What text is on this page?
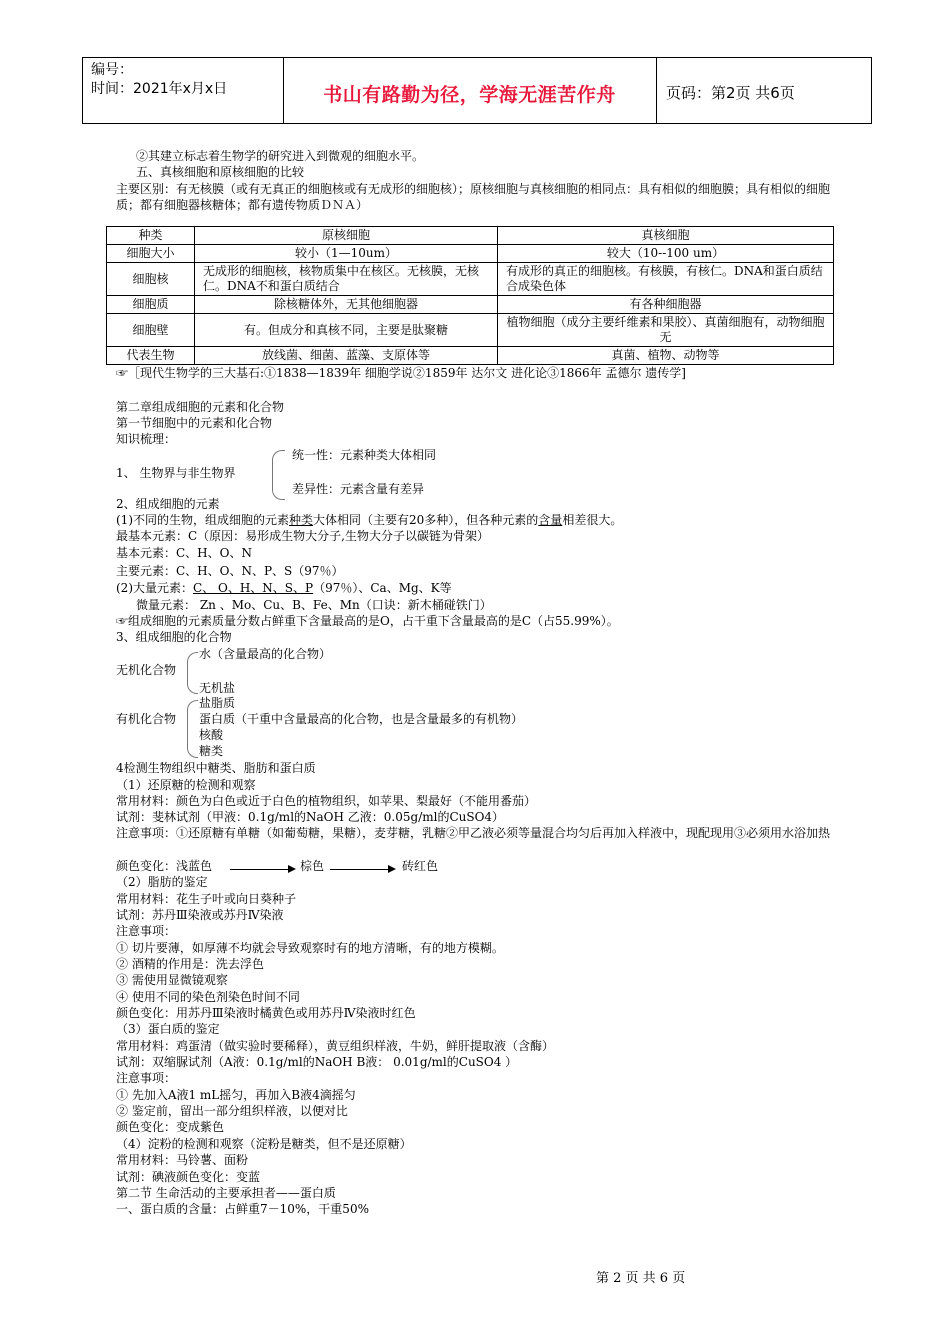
编号：
时间：2021年x月x日	书山有路勤为径，学海无涯苦作舟	页码：第2页 共6页
②其建立标志着生物学的研究进入到微观的细胞水平。
五、真核细胞和原核细胞的比较
主要区别：有无核膜（或有无真正的细胞核或有无成形的细胞核）；原核细胞与真核细胞的相同点：具有相似的细胞膜；具有相似的细胞质；都有细胞器核糖体；都有遗传物质ＤＮＡ）
种类	原核细胞	真核细胞
细胞大小	较小（1—10um）	较大（10--100 um）
细胞核	无成形的细胞核，核物质集中在核区。无核膜，无核仁。DNA不和蛋白质结合	有成形的真正的细胞核。有核膜，有核仁。DNA和蛋白质结合成染色体
细胞质	除核糖体外，无其他细胞器	有各种细胞器
细胞壁	有。但成分和真核不同，主要是肽聚糖	植物细胞（成分主要纤维素和果胶）、真菌细胞有，动物细胞无
代表生物	放线菌、细菌、蓝藻、支原体等	真菌、植物、动物等
☞［现代生物学的三大基石:①1838—1839年 细胞学说②1859年 达尔文 进化论③1866年 孟德尔 遗传学]
第二章组成细胞的元素和化合物
第一节细胞中的元素和化合物
知识梳理：
1、 生物界与非生物界
统一性：元素种类大体相同
差异性：元素含量有差异
2、组成细胞的元素
(1)不同的生物，组成细胞的元素种类大体相同（主要有20多种），但各种元素的含量相差很大。
最基本元素：C（原因：易形成生物大分子,生物大分子以碳链为骨架）
基本元素：C、H、O、N
主要元素：C、H、O、N、P、S（97％）
(2)大量元素：C、 O、H、N、S、P（97％）、Ca、Mg、K等
微量元素： Zn 、Mo、Cu、B、Fe、Mn（口诀：新木桶碰铁门）
☞组成细胞的元素质量分数占鲜重下含量最高的是O，占干重下含量最高的是C（占55.99%）。
3、组成细胞的化合物
无机化合物
水（含量最高的化合物）
无机盐
有机化合物
盐脂质
蛋白质（干重中含量最高的化合物，也是含量最多的有机物）
核酸
糖类
4检测生物组织中糖类、脂肪和蛋白质
（1）还原糖的检测和观察
常用材料：颜色为白色或近于白色的植物组织，如苹果、梨最好（不能用番茄）
试剂：斐林试剂（甲液：0.1g/ml的NaOH 乙液：0.05g/ml的CuSO4）
注意事项：①还原糖有单糖（如葡萄糖，果糖），麦芽糖，乳糖②甲乙液必须等量混合均匀后再加入样液中，现配现用③必须用水浴加热
颜色变化：浅蓝色	棕色	砖红色
（2）脂肪的鉴定
常用材料：花生子叶或向日葵种子
试剂：苏丹Ⅲ染液或苏丹Ⅳ染液
注意事项：
① 切片要薄，如厚薄不均就会导致观察时有的地方清晰，有的地方模糊。
② 酒精的作用是：洗去浮色
③ 需使用显微镜观察
④ 使用不同的染色剂染色时间不同
颜色变化：用苏丹Ⅲ染液时橘黄色或用苏丹Ⅳ染液时红色
（3）蛋白质的鉴定
常用材料：鸡蛋清（做实验时要稀释），黄豆组织样液，牛奶，鲜肝提取液（含酶）
试剂：双缩脲试剂（A液：0.1g/ml的NaOH B液： 0.01g/ml的CuSO4 ）
注意事项：
① 先加入A液1 mL摇匀，再加入B液4滴摇匀
② 鉴定前，留出一部分组织样液，以便对比
颜色变化：变成紫色
（4）淀粉的检测和观察（淀粉是糖类，但不是还原糖）
常用材料：马铃薯、面粉
试剂：碘液颜色变化：变蓝
第二节 生命活动的主要承担者——蛋白质
一、蛋白质的含量：占鲜重7－10%，干重50%
第 2 页 共 6 页
